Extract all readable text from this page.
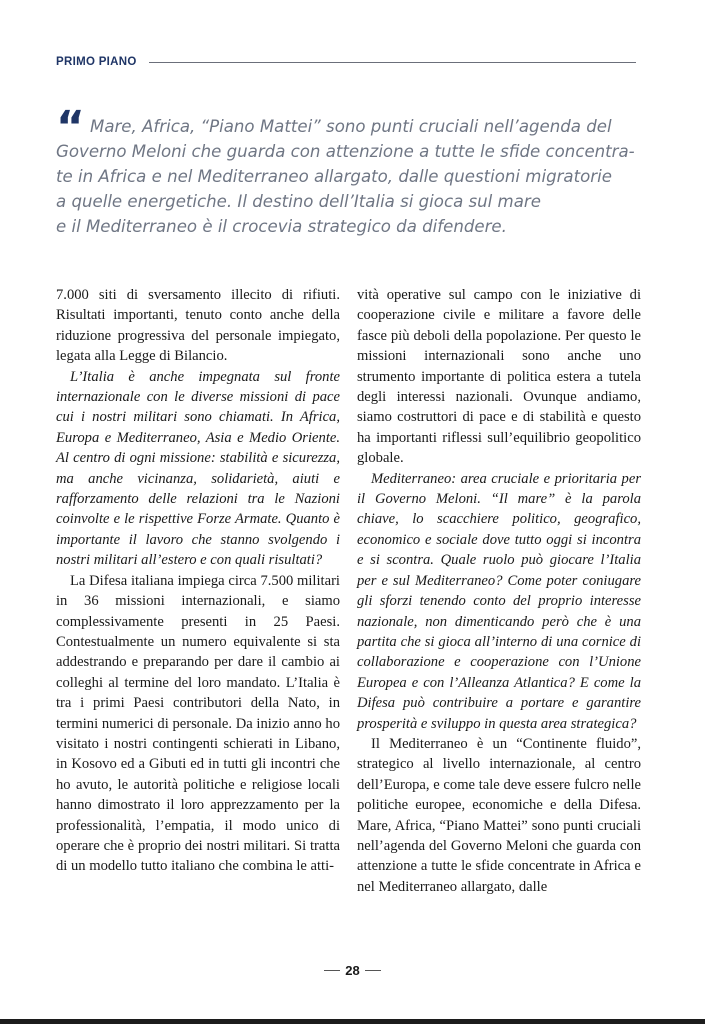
PRIMO PIANO
“ Mare, Africa, “Piano Mattei” sono punti cruciali nell’agenda del
Governo Meloni che guarda con attenzione a tutte le sfide concentra-
te in Africa e nel Mediterraneo allargato, dalle questioni migratorie
a quelle energetiche. Il destino dell’Italia si gioca sul mare
e il Mediterraneo è il crocevia strategico da difendere.

7.000 siti di sversamento illecito di rifiuti. Risultati importanti, tenuto conto anche della riduzione progressiva del personale impiegato, legata alla Legge di Bilancio.

L’Italia è anche impegnata sul fronte internazionale con le diverse missioni di pace cui i nostri militari sono chiamati. In Africa, Europa e Mediterraneo, Asia e Medio Oriente. Al centro di ogni missione: stabilità e sicurezza, ma anche vicinanza, solidarietà, aiuti e rafforzamento delle relazioni tra le Nazioni coinvolte e le rispettive Forze Armate. Quanto è importante il lavoro che stanno svolgendo i nostri militari all’estero e con quali risultati?

La Difesa italiana impiega circa 7.500 militari in 36 missioni internazionali, e siamo complessivamente presenti in 25 Paesi. Contestualmente un numero equivalente si sta addestrando e preparando per dare il cambio ai colleghi al termine del loro mandato. L’Italia è tra i primi Paesi contributori della Nato, in termini numerici di personale. Da inizio anno ho visitato i nostri contingenti schierati in Libano, in Kosovo ed a Gibuti ed in tutti gli incontri che ho avuto, le autorità politiche e religiose locali hanno dimostrato il loro apprezzamento per la professionalità, l’empatia, il modo unico di operare che è proprio dei nostri militari. Si tratta di un modello tutto italiano che combina le atti-

vità operative sul campo con le iniziative di cooperazione civile e militare a favore delle fasce più deboli della popolazione. Per questo le missioni internazionali sono anche uno strumento importante di politica estera a tutela degli interessi nazionali. Ovunque andiamo, siamo costruttori di pace e di stabilità e questo ha importanti riflessi sull’equilibrio geopolitico globale.

Mediterraneo: area cruciale e prioritaria per il Governo Meloni. “Il mare” è la parola chiave, lo scacchiere politico, geografico, economico e sociale dove tutto oggi si incontra e si scontra. Quale ruolo può giocare l’Italia per e sul Mediterraneo? Come poter coniugare gli sforzi tenendo conto del proprio interesse nazionale, non dimenticando però che è una partita che si gioca all’interno di una cornice di collaborazione e cooperazione con l’Unione Europea e con l’Alleanza Atlantica? E come la Difesa può contribuire a portare e garantire prosperità e sviluppo in questa area strategica?

Il Mediterraneo è un “Continente fluido”, strategico al livello internazionale, al centro dell’Europa, e come tale deve essere fulcro nelle politiche europee, economiche e della Difesa. Mare, Africa, “Piano Mattei” sono punti cruciali nell’agenda del Governo Meloni che guarda con attenzione a tutte le sfide concentrate in Africa e nel Mediterraneo allargato, dalle

28
